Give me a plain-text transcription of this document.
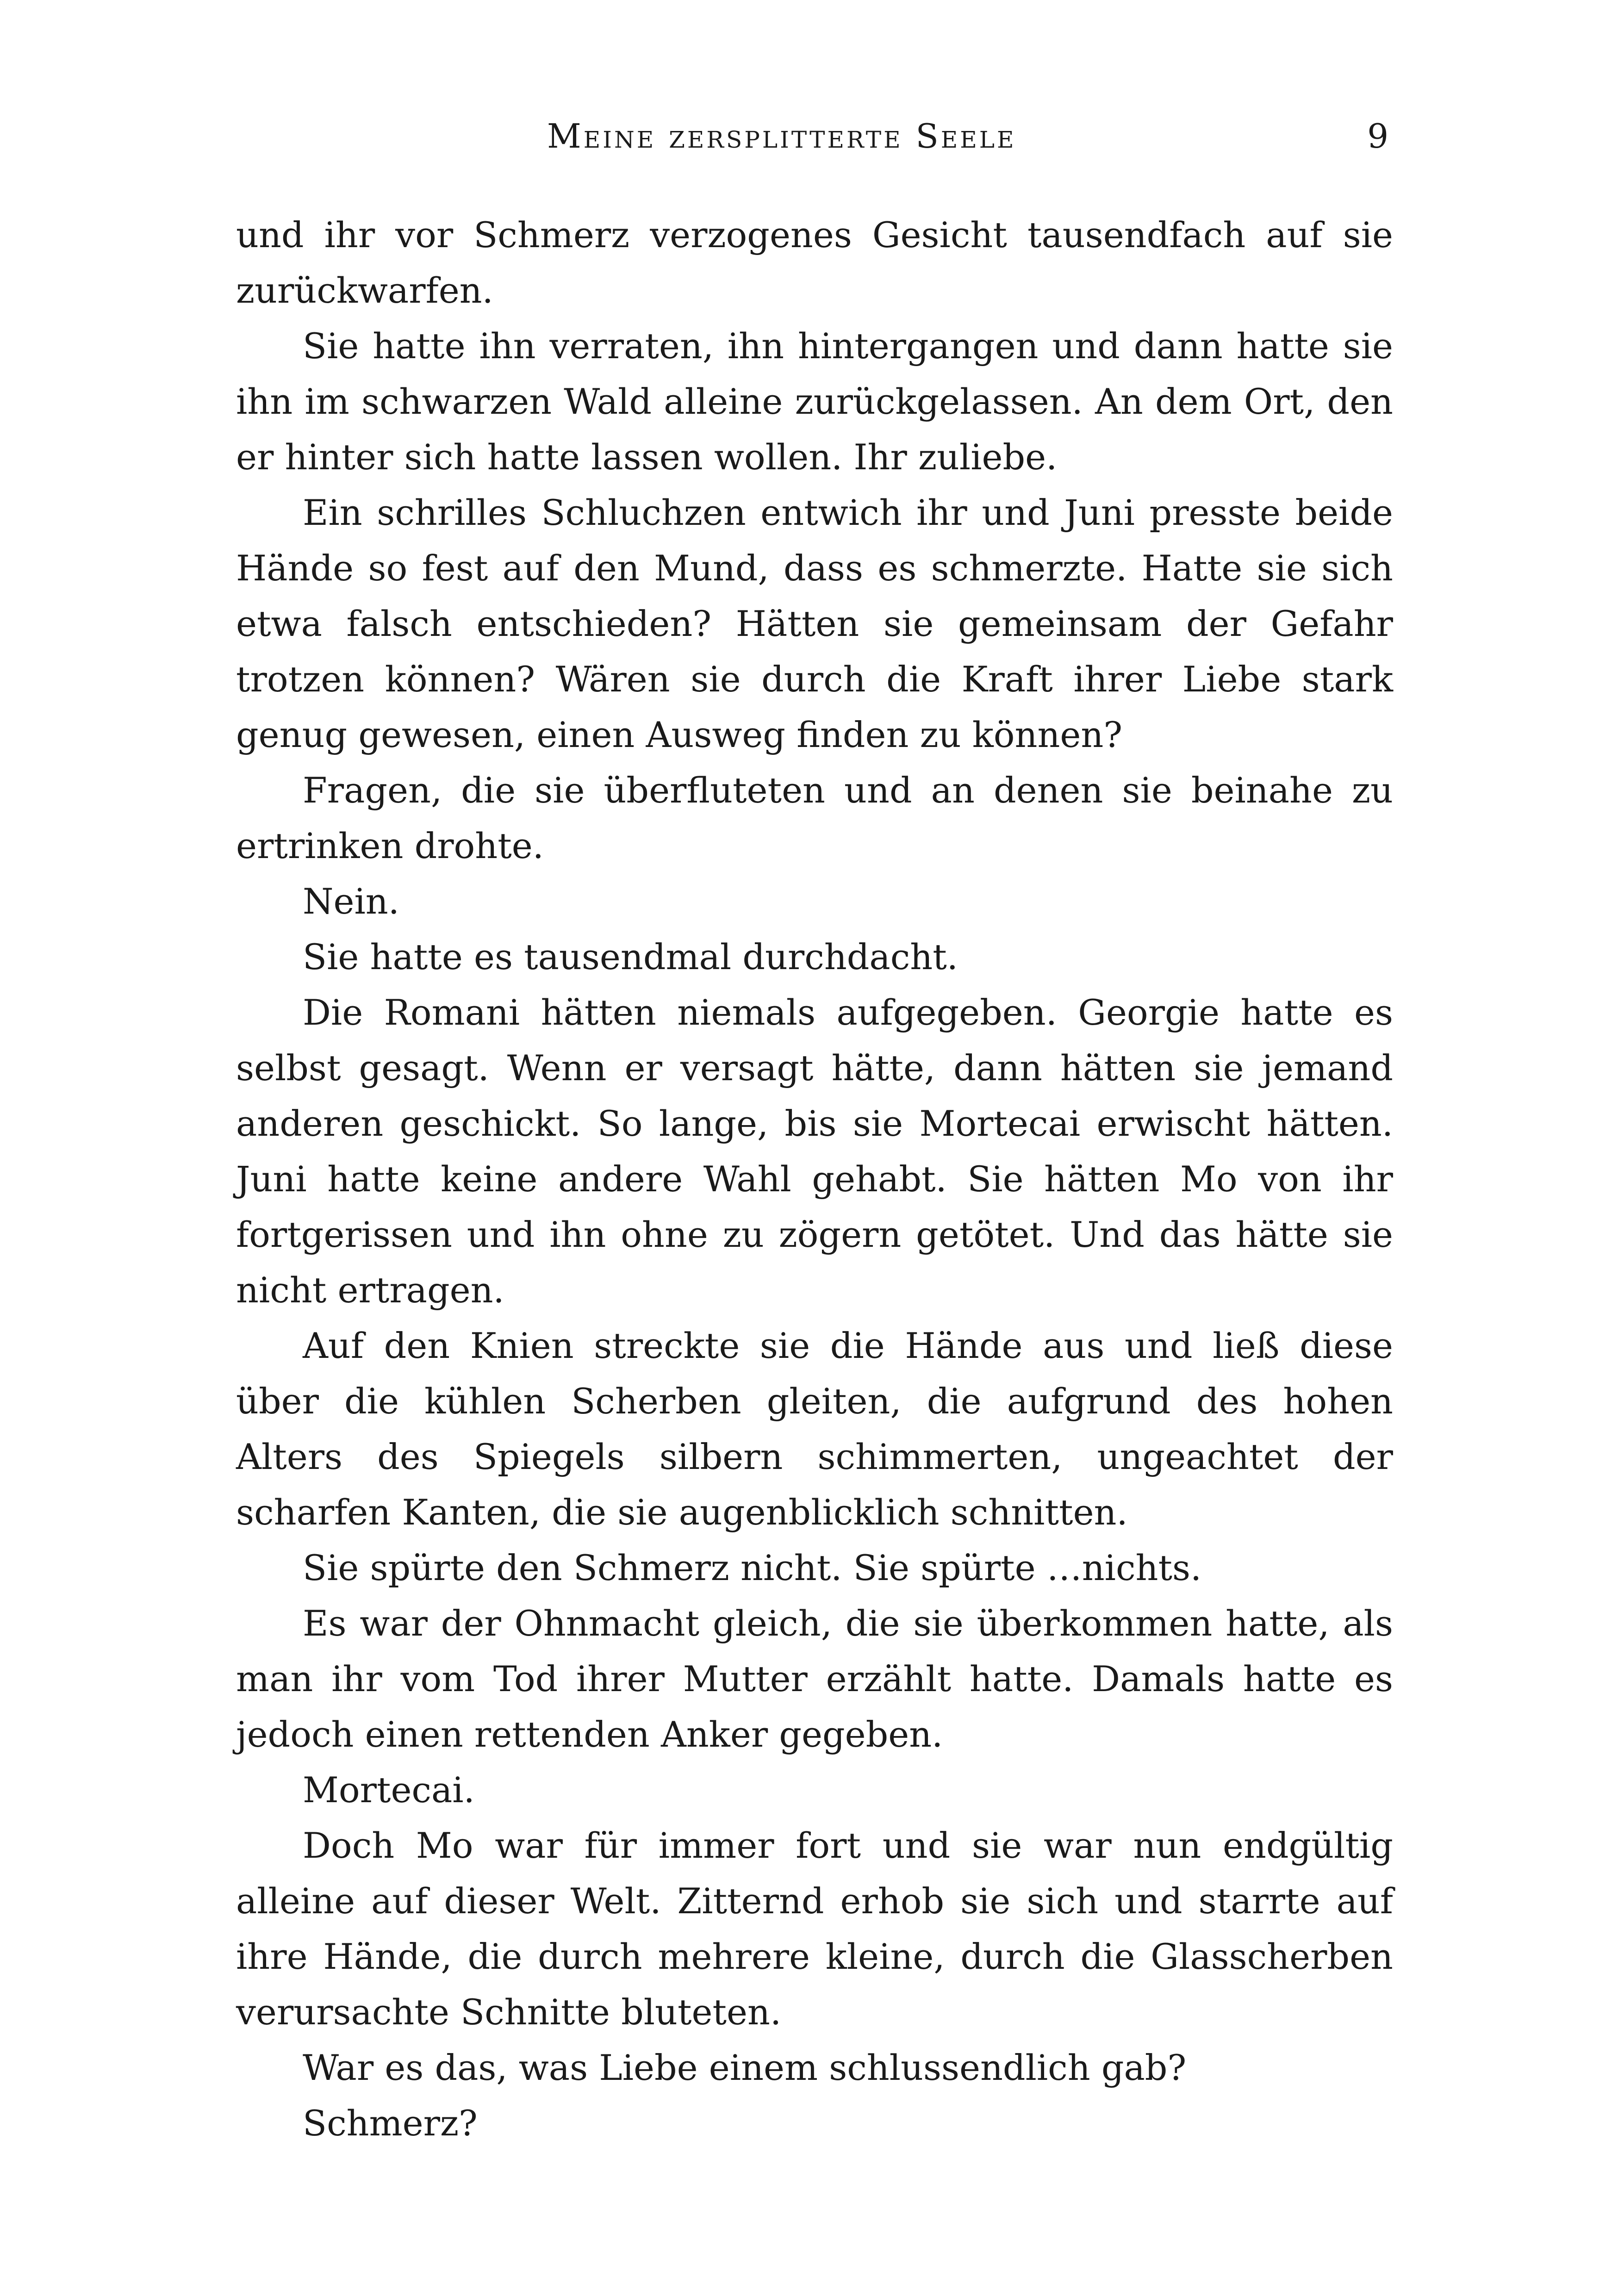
Meine zersplitterte Seele	9

und ihr vor Schmerz verzogenes Gesicht tausendfach auf sie zurückwarfen.

Sie hatte ihn verraten, ihn hintergangen und dann hatte sie ihn im schwarzen Wald alleine zurückgelassen. An dem Ort, den er hinter sich hatte lassen wollen. Ihr zuliebe.

Ein schrilles Schluchzen entwich ihr und Juni presste beide Hände so fest auf den Mund, dass es schmerzte. Hatte sie sich etwa falsch entschieden? Hätten sie gemeinsam der Gefahr trotzen können? Wären sie durch die Kraft ihrer Liebe stark genug gewesen, einen Ausweg finden zu können?

Fragen, die sie überfluteten und an denen sie beinahe zu ertrinken drohte.

Nein.

Sie hatte es tausendmal durchdacht.

Die Romani hätten niemals aufgegeben. Georgie hatte es selbst gesagt. Wenn er versagt hätte, dann hätten sie jemand anderen geschickt. So lange, bis sie Mortecai erwischt hätten. Juni hatte keine andere Wahl gehabt. Sie hätten Mo von ihr fortgerissen und ihn ohne zu zögern getötet. Und das hätte sie nicht ertragen.

Auf den Knien streckte sie die Hände aus und ließ diese über die kühlen Scherben gleiten, die aufgrund des hohen Alters des Spiegels silbern schimmerten, ungeachtet der scharfen Kanten, die sie augenblicklich schnitten.

Sie spürte den Schmerz nicht. Sie spürte …nichts.

Es war der Ohnmacht gleich, die sie überkommen hatte, als man ihr vom Tod ihrer Mutter erzählt hatte. Damals hatte es jedoch einen rettenden Anker gegeben.

Mortecai.

Doch Mo war für immer fort und sie war nun endgültig alleine auf dieser Welt. Zitternd erhob sie sich und starrte auf ihre Hände, die durch mehrere kleine, durch die Glasscherben verursachte Schnitte bluteten.

War es das, was Liebe einem schlussendlich gab?

Schmerz?
